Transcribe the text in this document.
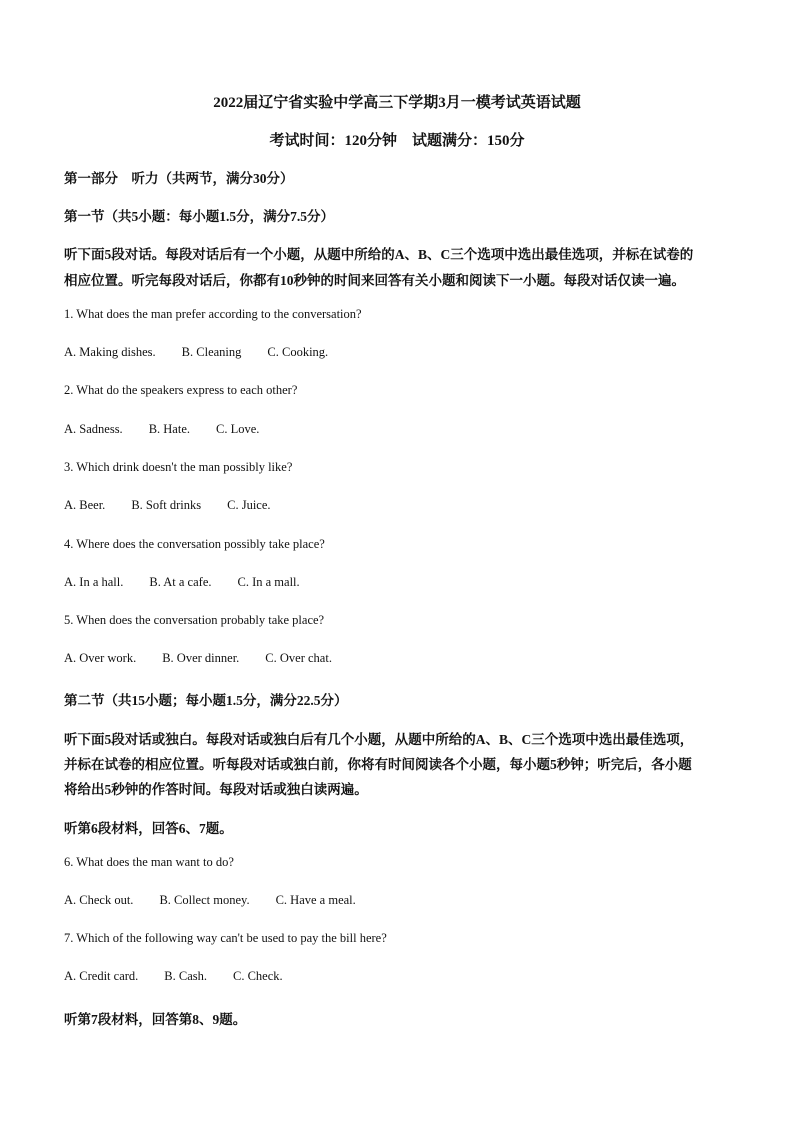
2022届辽宁省实验中学高三下学期3月一模考试英语试题
考试时间：120分钟　试题满分：150分
第一部分　听力（共两节，满分30分）
第一节（共5小题：每小题1.5分，满分7.5分）
听下面5段对话。每段对话后有一个小题，从题中所给的A、B、C三个选项中选出最佳选项，并标在试卷的
相应位置。听完每段对话后，你都有10秒钟的时间来回答有关小题和阅读下一小题。每段对话仅读一遍。
1. What does the man prefer according to the conversation?
A. Making dishes. B. Cleaning C. Cooking.
2. What do the speakers express to each other?
A. Sadness. B. Hate. C. Love.
3. Which drink doesn't the man possibly like?
A. Beer. B. Soft drinks C. Juice.
4. Where does the conversation possibly take place?
A. In a hall. B. At a cafe. C. In a mall.
5. When does the conversation probably take place?
A. Over work. B. Over dinner. C. Over chat.
第二节（共15小题；每小题1.5分，满分22.5分）
听下面5段对话或独白。每段对话或独白后有几个小题，从题中所给的A、B、C三个选项中选出最佳选项，
并标在试卷的相应位置。听每段对话或独白前，你将有时间阅读各个小题，每小题5秒钟；听完后，各小题
将给出5秒钟的作答时间。每段对话或独白读两遍。
听第6段材料，回答6、7题。
6. What does the man want to do?
A. Check out. B. Collect money. C. Have a meal.
7. Which of the following way can't be used to pay the bill here?
A. Credit card. B. Cash. C. Check.
听第7段材料，回答第8、9题。
